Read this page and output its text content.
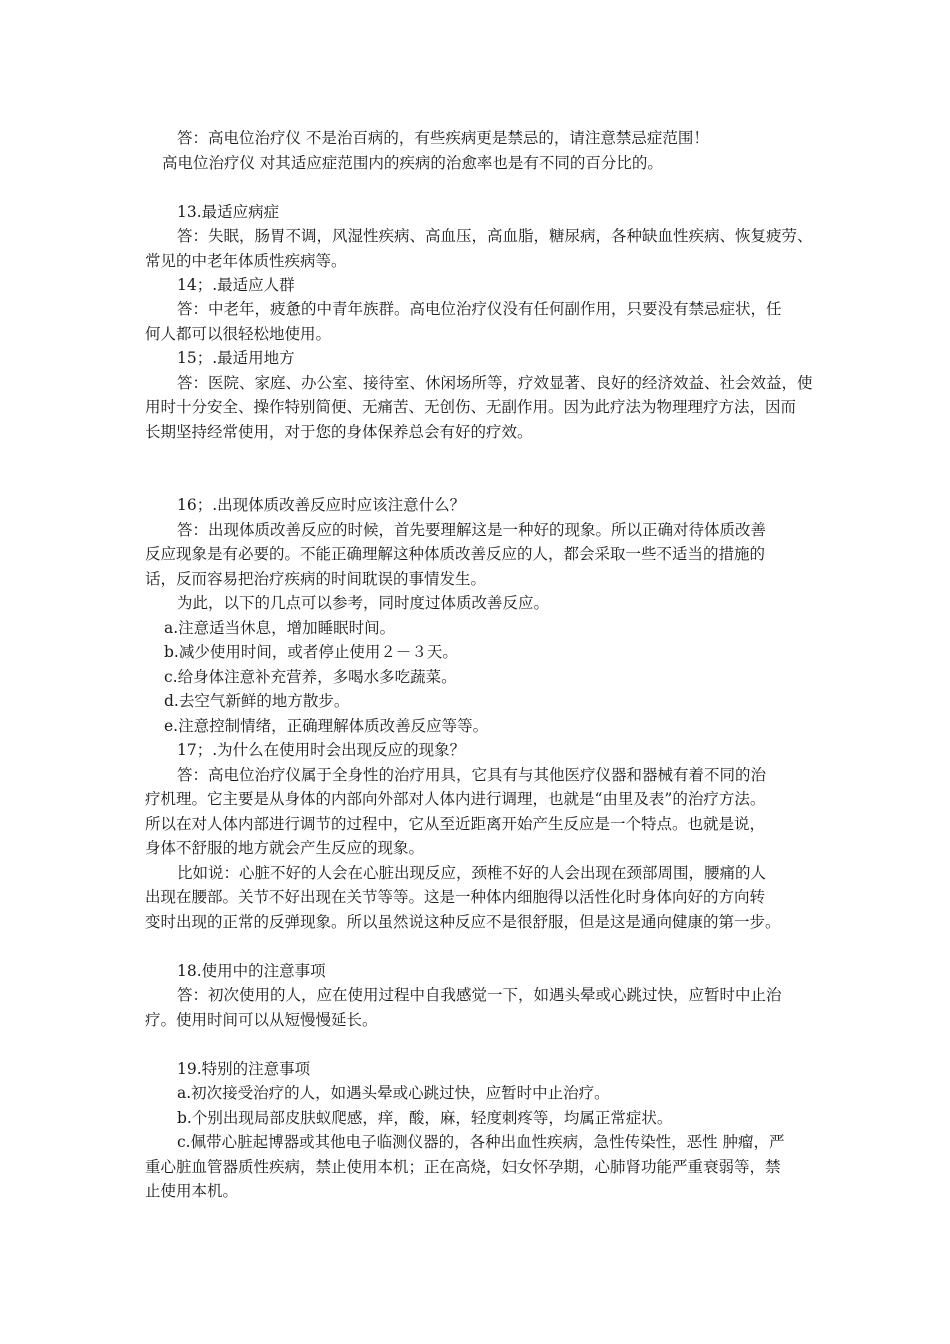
答：高电位治疗仪 不是治百病的，有些疾病更是禁忌的，请注意禁忌症范围！
高电位治疗仪 对其适应症范围内的疾病的治愈率也是有不同的百分比的。
13.最适应病症
答：失眠，肠胃不调，风湿性疾病、高血压，高血脂，糖尿病，各种缺血性疾病、恢复疲劳、
常见的中老年体质性疾病等。
14；.最适应人群
答：中老年，疲惫的中青年族群。高电位治疗仪没有任何副作用，只要没有禁忌症状，任
何人都可以很轻松地使用。
15；.最适用地方
答：医院、家庭、办公室、接待室、休闲场所等，疗效显著、良好的经济效益、社会效益，使
用时十分安全、操作特别简便、无痛苦、无创伤、无副作用。因为此疗法为物理理疗方法，因而
长期坚持经常使用，对于您的身体保养总会有好的疗效。
16；.出现体质改善反应时应该注意什么？
答：出现体质改善反应的时候，首先要理解这是一种好的现象。所以正确对待体质改善
反应现象是有必要的。不能正确理解这种体质改善反应的人，都会采取一些不适当的措施的
话，反而容易把治疗疾病的时间耽误的事情发生。
为此，以下的几点可以参考，同时度过体质改善反应。
a.注意适当休息，增加睡眠时间。
b.减少使用时间，或者停止使用２－３天。
c.给身体注意补充营养，多喝水多吃蔬菜。
d.去空气新鲜的地方散步。
e.注意控制情绪，正确理解体质改善反应等等。
17；.为什么在使用时会出现反应的现象？
答：高电位治疗仪属于全身性的治疗用具，它具有与其他医疗仪器和器械有着不同的治
疗机理。它主要是从身体的内部向外部对人体内进行调理，也就是“由里及表”的治疗方法。
所以在对人体内部进行调节的过程中，它从至近距离开始产生反应是一个特点。也就是说，
身体不舒服的地方就会产生反应的现象。
比如说：心脏不好的人会在心脏出现反应，颈椎不好的人会出现在颈部周围，腰痛的人
出现在腰部。关节不好出现在关节等等。这是一种体内细胞得以活性化时身体向好的方向转
变时出现的正常的反弹现象。所以虽然说这种反应不是很舒服，但是这是通向健康的第一步。
18.使用中的注意事项
答：初次使用的人，应在使用过程中自我感觉一下，如遇头晕或心跳过快，应暂时中止治
疗。使用时间可以从短慢慢延长。
19.特别的注意事项
a.初次接受治疗的人，如遇头晕或心跳过快，应暂时中止治疗。
b.个别出现局部皮肤蚁爬感，痒，酸，麻，轻度刺疼等，均属正常症状。
c.佩带心脏起博器或其他电子临测仪器的，各种出血性疾病，急性传染性，恶性 肿瘤，严
重心脏血管器质性疾病，禁止使用本机；正在高烧，妇女怀孕期，心肺肾功能严重衰弱等，禁
止使用本机。
